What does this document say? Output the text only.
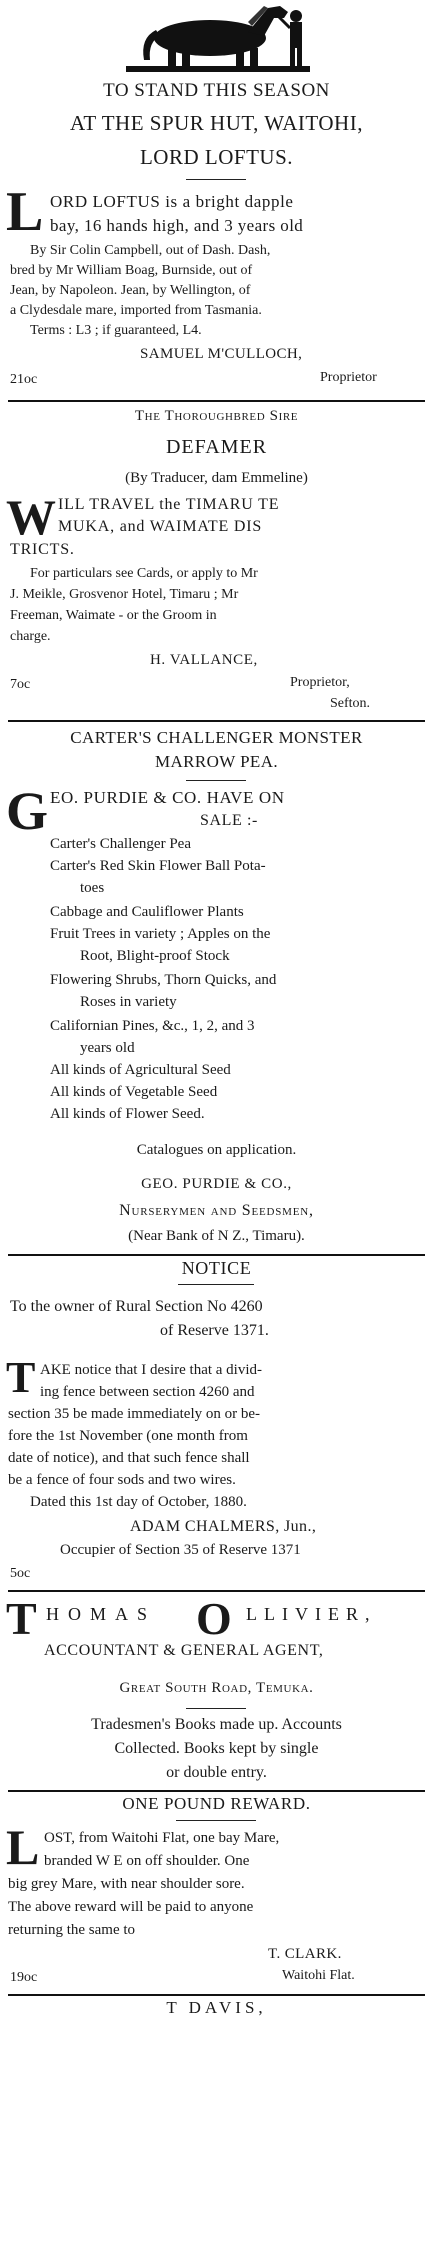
TO STAND THIS SEASON
AT THE SPUR HUT, WAITOHI,
LORD LOFTUS.
L ORD LOFTUS is a bright dapple
bay, 16 hands high, and 3 years old
By Sir Colin Campbell, out of Dash. Dash,
bred by Mr William Boag, Burnside, out of
Jean, by Napoleon. Jean, by Wellington, of
a Clydesdale mare, imported from Tasmania.
Terms : L3 ; if guaranteed, L4.
SAMUEL M'CULLOCH,
21oc	Proprietor
The Thoroughbred Sire
DEFAMER
(By Traducer, dam Emmeline)
W ILL TRAVEL the TIMARU TE
MUKA, and WAIMATE DIS
TRICTS.
For particulars see Cards, or apply to Mr
J. Meikle, Grosvenor Hotel, Timaru ; Mr
Freeman, Waimate - or the Groom in
charge.
H. VALLANCE,
7oc	Proprietor,
Sefton.
CARTER'S CHALLENGER MONSTER
MARROW PEA.
G EO. PURDIE & CO. HAVE ON
SALE :-
Carter's Challenger Pea
Carter's Red Skin Flower Ball Pota-
toes
Cabbage and Cauliflower Plants
Fruit Trees in variety ; Apples on the
Root, Blight-proof Stock
Flowering Shrubs, Thorn Quicks, and
Roses in variety
Californian Pines, &c., 1, 2, and 3
years old
All kinds of Agricultural Seed
All kinds of Vegetable Seed
All kinds of Flower Seed.
Catalogues on application.
GEO. PURDIE & CO.,
Nurserymen and Seedsmen,
(Near Bank of N Z., Timaru).
NOTICE
To the owner of Rural Section No 4260
of Reserve 1371.
T AKE notice that I desire that a divid-
ing fence between section 4260 and
section 35 be made immediately on or be-
fore the 1st November (one month from
date of notice), and that such fence shall
be a fence of four sods and two wires.
Dated this 1st day of October, 1880.
ADAM CHALMERS, Jun.,
Occupier of Section 35 of Reserve 1371
5oc
T HOMAS O LLIVIER,
ACCOUNTANT & GENERAL AGENT,
Great South Road, Temuka.
Tradesmen's Books made up. Accounts
Collected. Books kept by single
or double entry.
ONE POUND REWARD.
L OST, from Waitohi Flat, one bay Mare,
branded W E on off shoulder. One
big grey Mare, with near shoulder sore.
The above reward will be paid to anyone
returning the same to
T. CLARK.
19oc	Waitohi Flat.
T DAVIS,
